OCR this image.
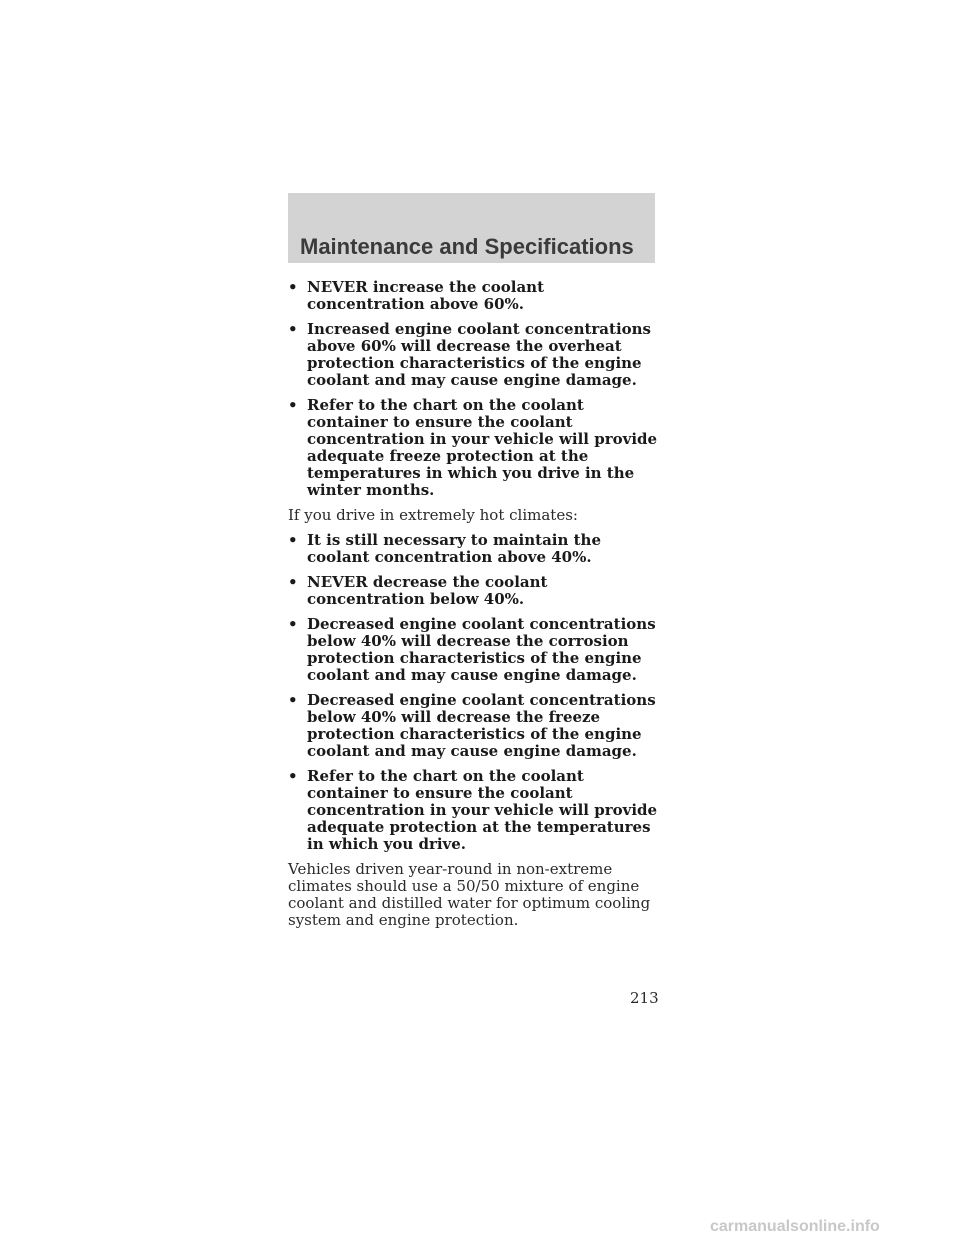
Maintenance and Specifications
• NEVER increase the coolant concentration above 60%.
• Increased engine coolant concentrations above 60% will decrease the overheat protection characteristics of the engine coolant and may cause engine damage.
• Refer to the chart on the coolant container to ensure the coolant concentration in your vehicle will provide adequate freeze protection at the temperatures in which you drive in the winter months.

If you drive in extremely hot climates:

• It is still necessary to maintain the coolant concentration above 40%.
• NEVER decrease the coolant concentration below 40%.
• Decreased engine coolant concentrations below 40% will decrease the corrosion protection characteristics of the engine coolant and may cause engine damage.
• Decreased engine coolant concentrations below 40% will decrease the freeze protection characteristics of the engine coolant and may cause engine damage.
• Refer to the chart on the coolant container to ensure the coolant concentration in your vehicle will provide adequate protection at the temperatures in which you drive.

Vehicles driven year-round in non-extreme climates should use a 50/50 mixture of engine coolant and distilled water for optimum cooling system and engine protection.

213
carmanualsonline.info
